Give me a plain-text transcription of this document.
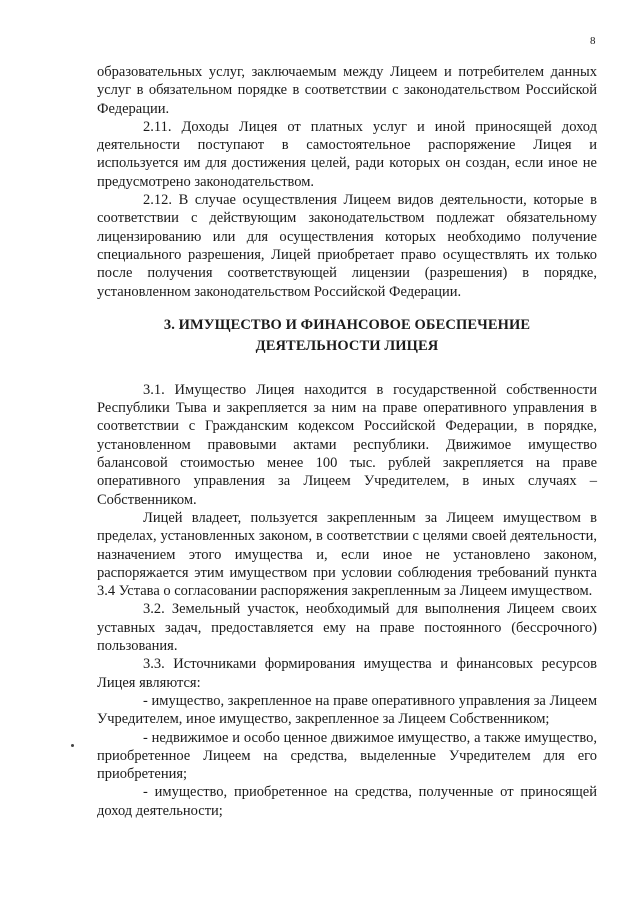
8

образовательных услуг, заключаемым между Лицеем и потребителем данных услуг в обязательном порядке в соответствии с законодательством Российской Федерации.

2.11. Доходы Лицея от платных услуг и иной приносящей доход деятельности поступают в самостоятельное распоряжение Лицея и используется им для достижения целей, ради которых он создан, если иное не предусмотрено законодательством.

2.12. В случае осуществления Лицеем видов деятельности, которые в соответствии с действующим законодательством подлежат обязательному лицензированию или для осуществления которых необходимо получение специального разрешения, Лицей приобретает право осуществлять их только после получения соответствующей лицензии (разрешения) в порядке, установленном законодательством Российской Федерации.

3. ИМУЩЕСТВО И ФИНАНСОВОЕ ОБЕСПЕЧЕНИЕ
ДЕЯТЕЛЬНОСТИ ЛИЦЕЯ

3.1. Имущество Лицея находится в государственной собственности Республики Тыва и закрепляется за ним на праве оперативного управления в соответствии с Гражданским кодексом Российской Федерации, в порядке, установленном правовыми актами республики. Движимое имущество балансовой стоимостью менее 100 тыс. рублей закрепляется на праве оперативного управления за Лицеем Учредителем, в иных случаях – Собственником.

Лицей владеет, пользуется закрепленным за Лицеем имуществом в пределах, установленных законом, в соответствии с целями своей деятельности, назначением этого имущества и, если иное не установлено законом, распоряжается этим имуществом при условии соблюдения требований пункта 3.4 Устава о согласовании распоряжения закрепленным за Лицеем имуществом.

3.2. Земельный участок, необходимый для выполнения Лицеем своих уставных задач, предоставляется ему на праве постоянного (бессрочного) пользования.

3.3. Источниками формирования имущества и финансовых ресурсов Лицея являются:

- имущество, закрепленное на праве оперативного управления за Лицеем Учредителем, иное имущество, закрепленное за Лицеем Собственником;

- недвижимое и особо ценное движимое имущество, а также имущество, приобретенное Лицеем на средства, выделенные Учредителем для его приобретения;

- имущество, приобретенное на средства, полученные от приносящей доход деятельности;
